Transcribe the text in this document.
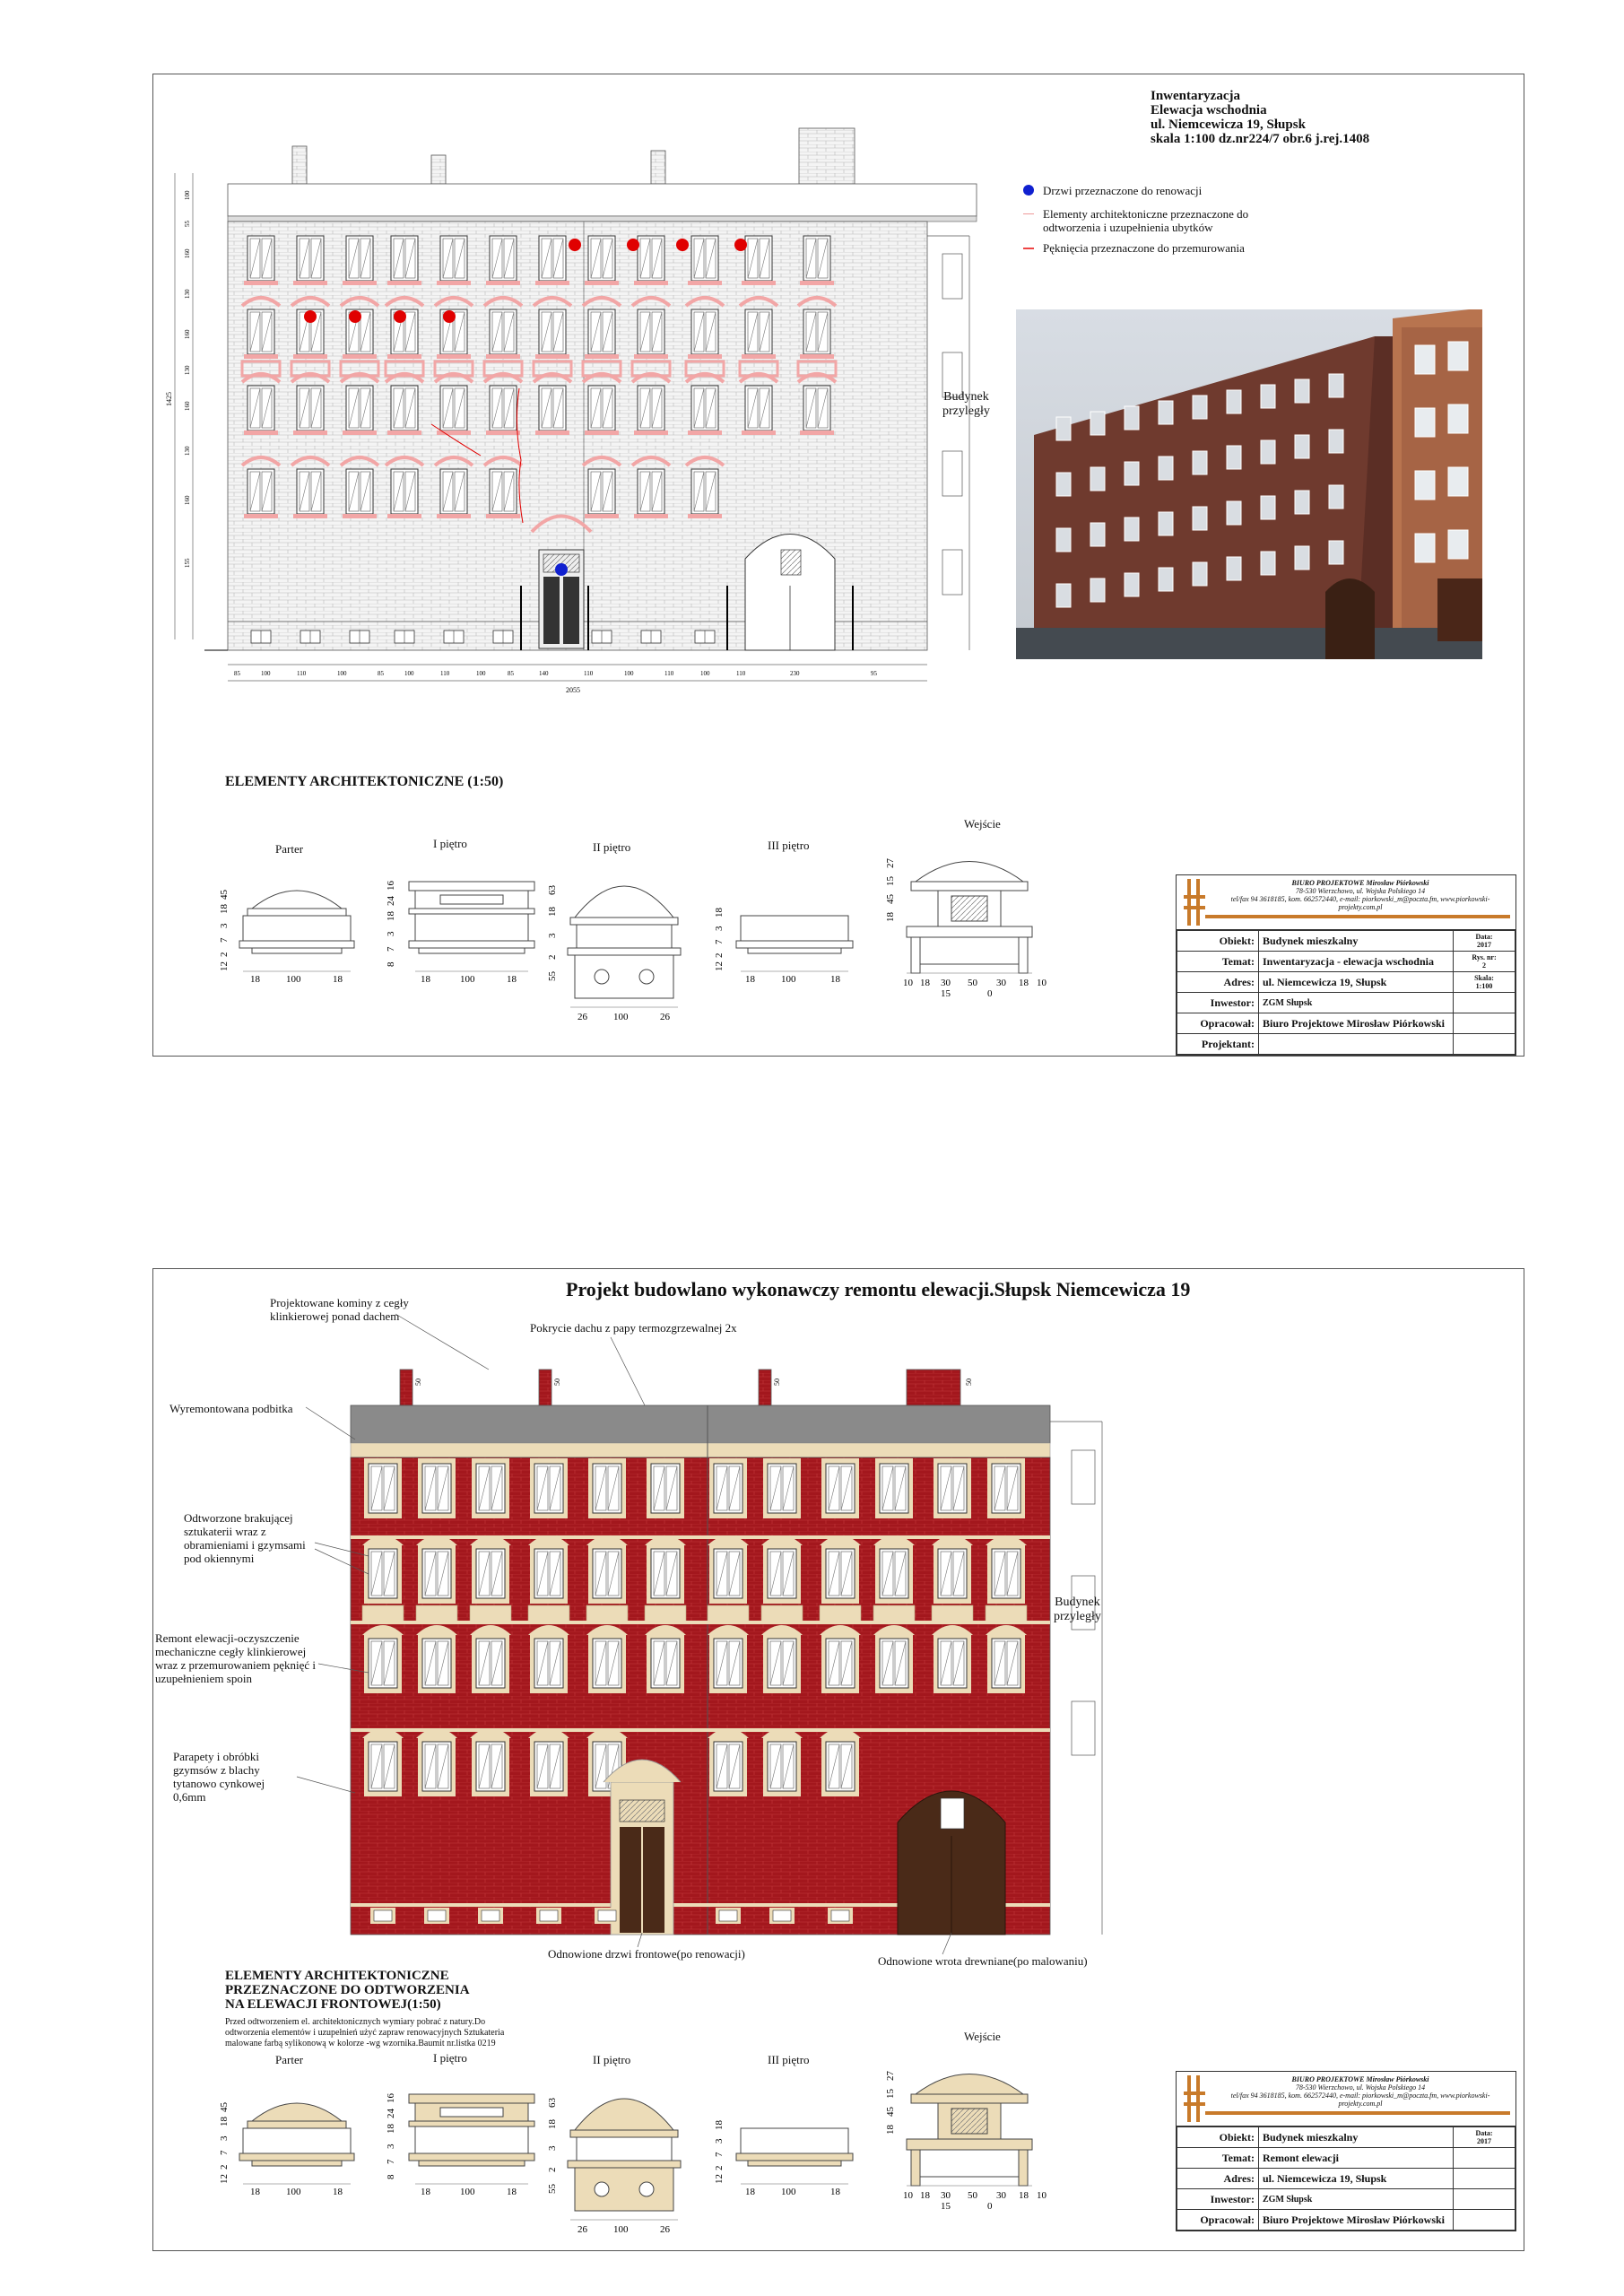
1425
100
55
160
130
160
130
160
130
160
155
85	100	110	100	85	100	110	100	85	140	110	100	110	100	110	230	95
2055
Budynek
przyległy
Inwentaryzacja
Elewacja wschodnia
ul. Niemcewicza 19, Słupsk
skala 1:100 dz.nr224/7 obr.6 j.rej.1408
Drzwi przeznaczone do renowacji
Elementy architektoniczne przeznaczone do odtworzenia i uzupełnienia ubytków
Pęknięcia przeznaczone do przemurowania
ELEMENTY ARCHITEKTONICZNE (1:50)
Parter	I piętro	II piętro	III piętro
Wejście
45
18
3
7
2
12
18	100	18
16
24
18
3
7
8
18	100	18
63
18
3
2
55
26	100	26
18
3
7
2
12
18	100	18
27
15
45
18
10 18 30 50 30 18 10
15	0
BIURO PROJEKTOWE Mirosław Piórkowski
78-530 Wierzchowo, ul. Wojska Polskiego 14
tel/fax 94 3618185, kom. 662572440, e-mail: piorkowski_m@poczta.fm, www.piorkowski-projekty.com.pl
Obiekt:	Budynek mieszkalny	Data:
2017

Temat:	Inwentaryzacja - elewacja wschodnia	Rys. nr:
2

Adres:	ul. Niemcewicza 19, Słupsk	Skala:
1:100

Inwestor:	ZGM Słupsk	
Opracował:	Biuro Projektowe Mirosław Piórkowski	
Projektant:		
Projekt budowlano wykonawczy remontu elewacji.Słupsk Niemcewicza 19
50	50	50	50
Projektowane kominy z cegły klinkierowej ponad dachem
Pokrycie dachu z papy termozgrzewalnej 2x
Wyremontowana podbitka
Odtworzone brakującej sztukaterii wraz z obramieniami i gzymsami pod okiennymi
Remont elewacji-oczyszczenie mechaniczne cegły klinkierowej wraz z przemurowaniem pęknięć i uzupełnieniem spoin
Parapety i obróbki gzymsów z blachy tytanowo cynkowej 0,6mm
Odnowione drzwi frontowe(po renowacji)
Odnowione wrota drewniane(po malowaniu)
Budynek
przyległy
ELEMENTY ARCHITEKTONICZNE
PRZEZNACZONE DO ODTWORZENIA
NA ELEWACJI FRONTOWEJ(1:50)
Przed odtworzeniem el. architektonicznych wymiary pobrać z natury.Do odtworzenia elementów i uzupełnień użyć zapraw renowacyjnych Sztukateria malowane farbą sylikonową w kolorze -wg wzornika.Baumit nr.listka 0219
Parter	I piętro	II piętro	III piętro
Wejście
45
18
3
7
2
12
18	100	18
16
24
18
3
7
8
18	100	18
63
18
3
2
55
26	100	26
18
3
7
2
12
18	100	18
27
15
45
18
10 18 30 50 30 18 10
15	0
BIURO PROJEKTOWE Mirosław Piórkowski
78-530 Wierzchowo, ul. Wojska Polskiego 14
tel/fax 94 3618185, kom. 662572440, e-mail: piorkowski_m@poczta.fm, www.piorkowski-projekty.com.pl
Obiekt:	Budynek mieszkalny	Data:
2017

Temat:	Remont elewacji	
Adres:	ul. Niemcewicza 19, Słupsk	
Inwestor:	ZGM Słupsk	
Opracował:	Biuro Projektowe Mirosław Piórkowski	
